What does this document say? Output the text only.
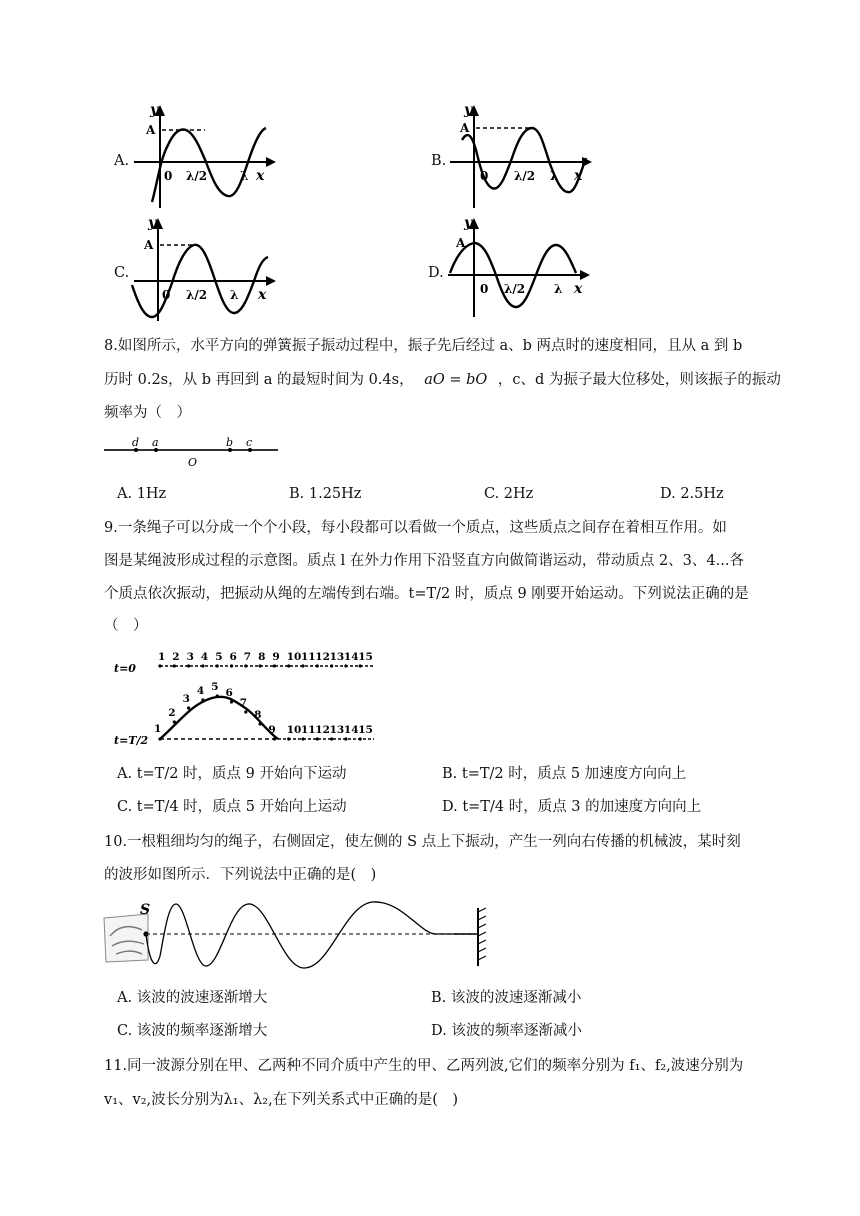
A.
y
A
0 λ/2	λ x
B.
y
A
0 λ/2 λ x
C.
y
A
0 λ/2 λ x
D.
y
A
0 λ/2 λ x
8.如图所示，水平方向的弹簧振子振动过程中，振子先后经过 a、b 两点时的速度相同，且从 a 到 b
历时 0.2s，从 b 再回到 a 的最短时间为 0.4s， aO = bO ，c、d 为振子最大位移处，则该振子的振动
频率为（　）
d a
O
b c
A. 1Hz	B. 1.25Hz	C. 2Hz	D. 2.5Hz
9.一条绳子可以分成一个个小段，每小段都可以看做一个质点，这些质点之间存在着相互作用。如
图是某绳波形成过程的示意图。质点 l 在外力作用下沿竖直方向做简谐运动，带动质点 2、3、4...各
个质点依次振动，把振动从绳的左端传到右端。t=T/2 时，质点 9 刚要开始运动。下列说法正确的是
（　）
t=0
t=T/2
1 2 3 4 5 6 7 8 9 10 11 12 13 14 15
1
2
3
4 5 6
7
8
9 10 11 12 13 14 15
A. t=T/2 时，质点 9 开始向下运动	B. t=T/2 时，质点 5 加速度方向向上
C. t=T/4 时，质点 5 开始向上运动	D. t=T/4 时，质点 3 的加速度方向向上
10.一根粗细均匀的绳子，右侧固定，使左侧的 S 点上下振动，产生一列向右传播的机械波，某时刻
的波形如图所示．下列说法中正确的是(　)
S
A. 该波的波速逐渐增大	B. 该波的波速逐渐减小
C. 该波的频率逐渐增大	D. 该波的频率逐渐减小
11.同一波源分别在甲、乙两种不同介质中产生的甲、乙两列波,它们的频率分别为 f₁、f₂,波速分别为
v₁、v₂,波长分别为λ₁、λ₂,在下列关系式中正确的是(　)
